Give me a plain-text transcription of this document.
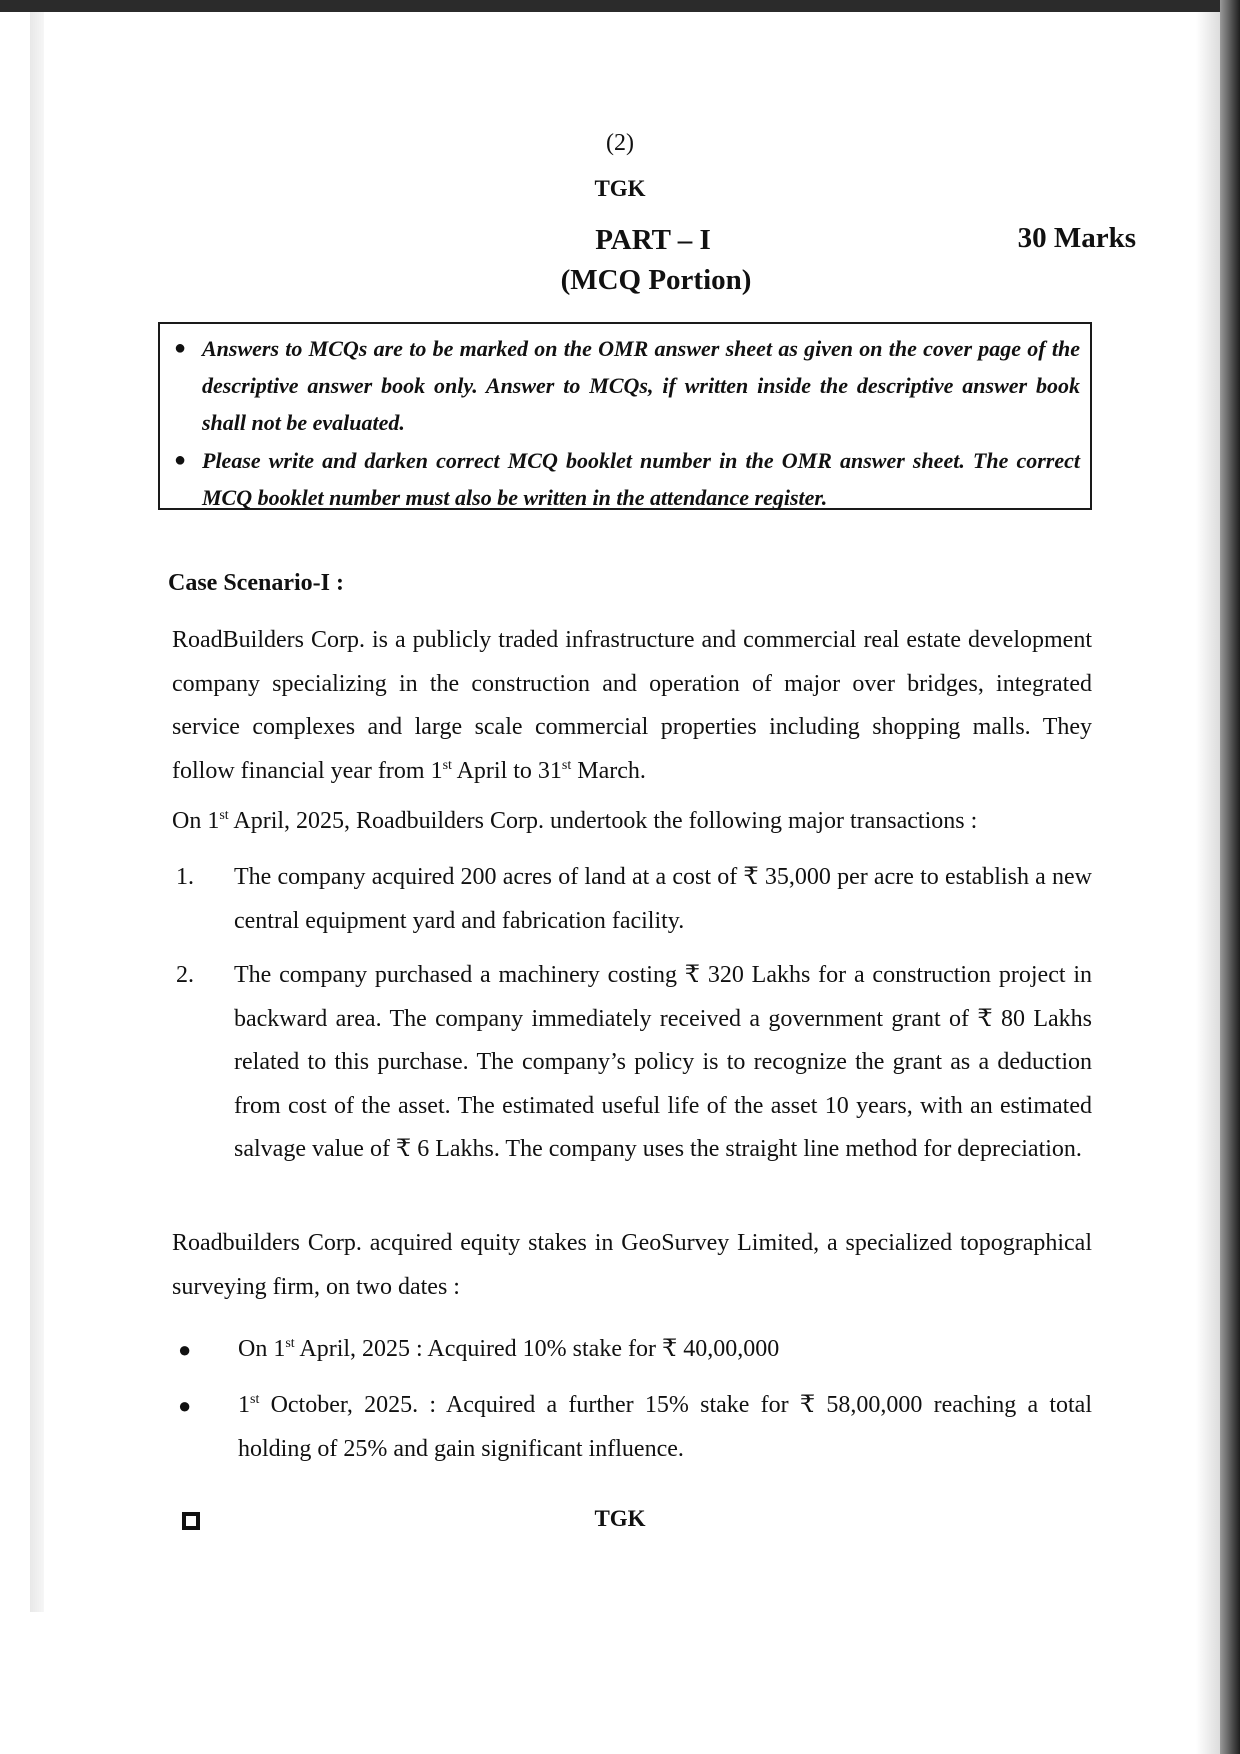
(2)
TGK
PART – I	30 Marks
(MCQ Portion)
● Answers to MCQs are to be marked on the OMR answer sheet as given on the cover page of the descriptive answer book only. Answer to MCQs, if written inside the descriptive answer book shall not be evaluated.
● Please write and darken correct MCQ booklet number in the OMR answer sheet. The correct MCQ booklet number must also be written in the attendance register.
Case Scenario-I :
RoadBuilders Corp. is a publicly traded infrastructure and commercial real estate development company specializing in the construction and operation of major over bridges, integrated service complexes and large scale commercial properties including shopping malls. They follow financial year from 1st April to 31st March.
On 1st April, 2025, Roadbuilders Corp. undertook the following major transactions :
1. The company acquired 200 acres of land at a cost of ₹ 35,000 per acre to establish a new central equipment yard and fabrication facility.
2. The company purchased a machinery costing ₹ 320 Lakhs for a construction project in backward area. The company immediately received a government grant of ₹ 80 Lakhs related to this purchase. The company’s policy is to recognize the grant as a deduction from cost of the asset. The estimated useful life of the asset 10 years, with an estimated salvage value of ₹ 6 Lakhs. The company uses the straight line method for depreciation.
Roadbuilders Corp. acquired equity stakes in GeoSurvey Limited, a specialized topographical surveying firm, on two dates :
● On 1st April, 2025 : Acquired 10% stake for ₹ 40,00,000
● 1st October, 2025. : Acquired a further 15% stake for ₹ 58,00,000 reaching a total holding of 25% and gain significant influence.
TGK
